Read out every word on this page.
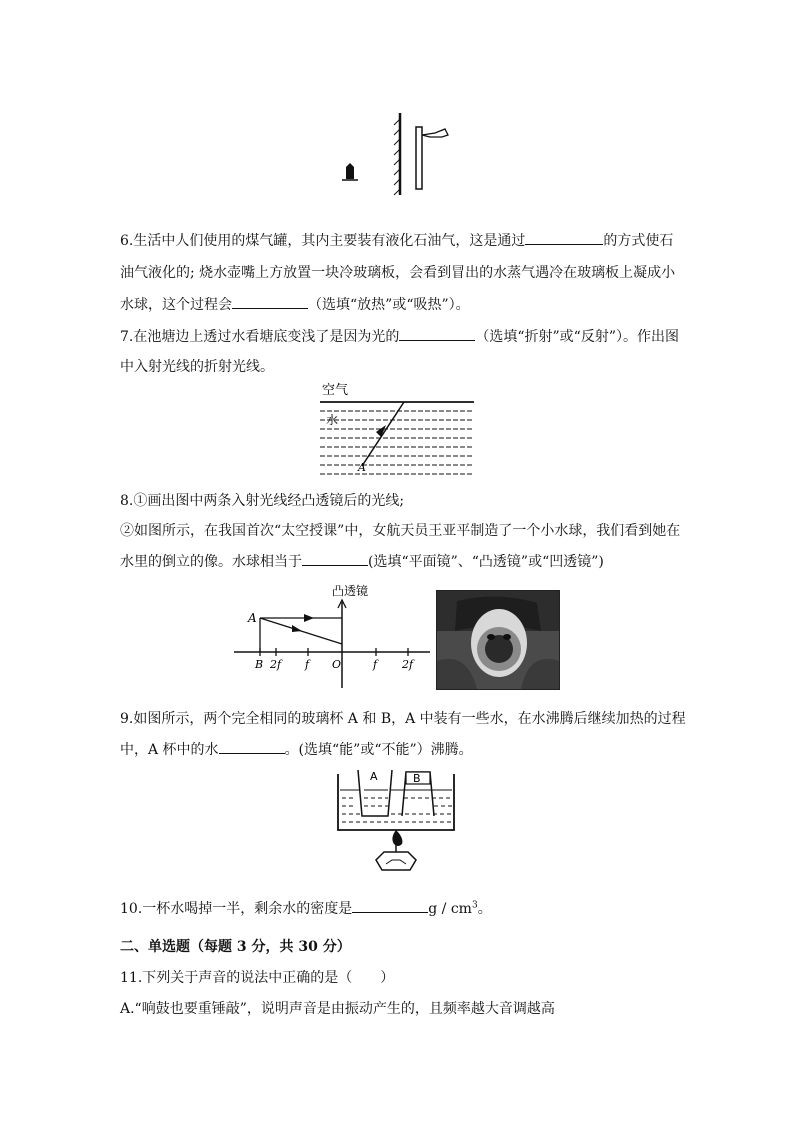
6.生活中人们使用的煤气罐，其内主要装有液化石油气，这是通过	的方式使石
油气液化的; 烧水壶嘴上方放置一块冷玻璃板，会看到冒出的水蒸气遇冷在玻璃板上凝成小
水球，这个过程会	（选填“放热”或“吸热”）。
7.在池塘边上透过水看塘底变浅了是因为光的	（选填“折射”或“反射”）。作出图
中入射光线的折射光线。
空气
水
A
8.①画出图中两条入射光线经凸透镜后的光线;
②如图所示，在我国首次“太空授课”中，女航天员王亚平制造了一个小水球，我们看到她在
水里的倒立的像。水球相当于	(选填“平面镜”、“凸透镜”或“凹透镜”)
凸透镜
A
B 2f f O	f 2f
9.如图所示，两个完全相同的玻璃杯 A 和 B，A 中装有一些水，在水沸腾后继续加热的过程
中，A 杯中的水	。(选填“能”或“不能”）沸腾。
A	B
10.一杯水喝掉一半，剩余水的密度是	g / $cm^3$。
二、单选题（每题 3 分，共 30 分）
11.下列关于声音的说法中正确的是（　　）
A.“响鼓也要重锤敲”，说明声音是由振动产生的，且频率越大音调越高
